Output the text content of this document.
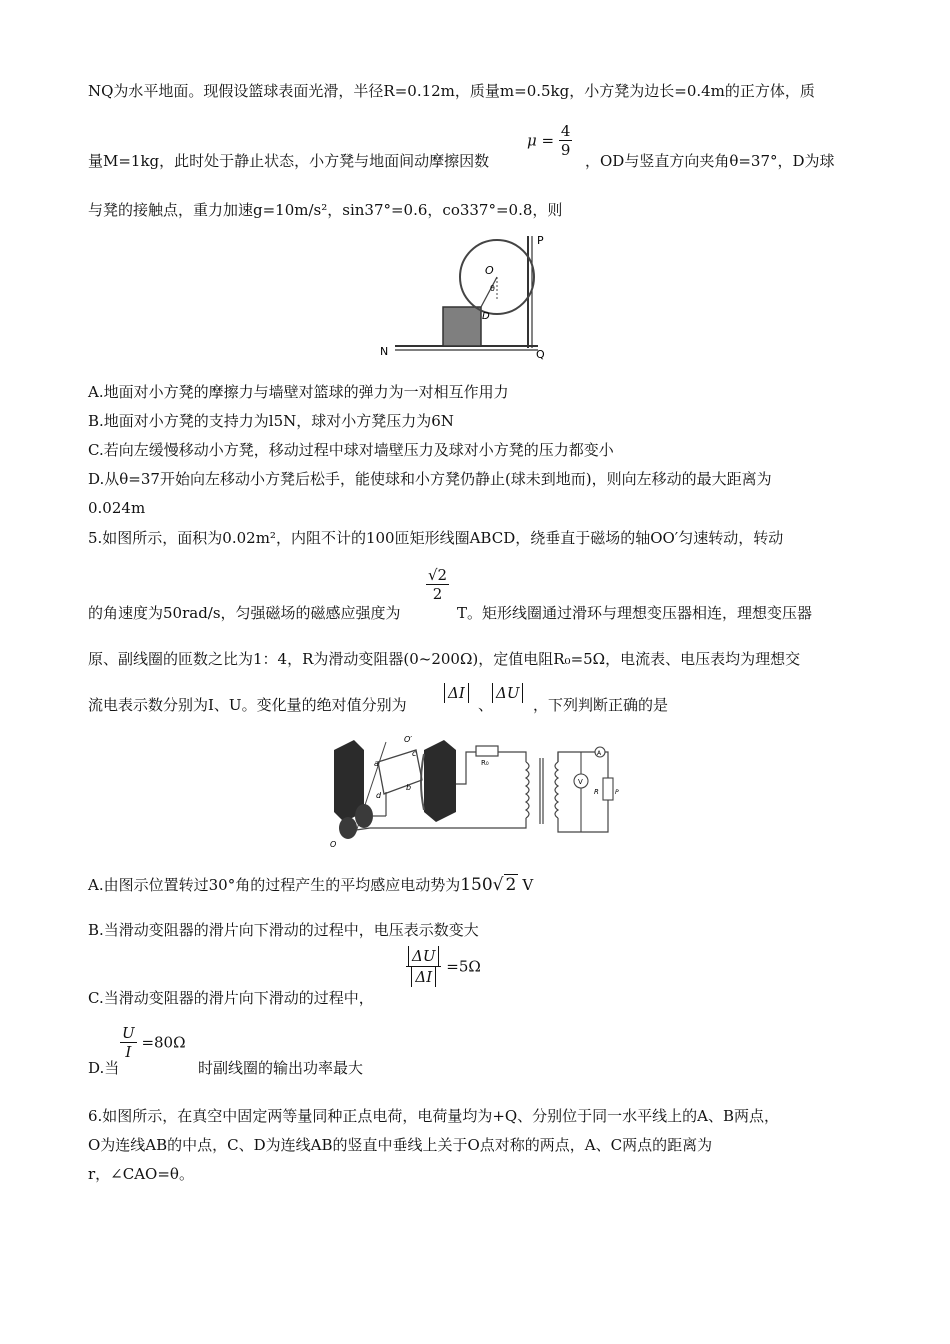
NQ为水平地面。现假设篮球表面光滑，半径R=0.12m，质量m=0.5kg，小方凳为边长=0.4m的正方体，质
量M=1kg，此时处于静止状态，小方凳与地面间动摩擦因数
$\mu = \frac{4}{9}$
，OD与竖直方向夹角θ=37°，D为球
与凳的接触点，重力加速g=10m/s²，sin37°=0.6，co337°=0.8，则
P
N	Q
O
D
θ
A.地面对小方凳的摩擦力与墙壁对篮球的弹力为一对相互作用力
B.地面对小方凳的支持力为l5N，球对小方凳压力为6N
C.若向左缓慢移动小方凳，移动过程中球对墙壁压力及球对小方凳的压力都变小
D.从θ=37开始向左移动小方凳后松手，能使球和小方凳仍静止(球未到地而)，则向左移动的最大距离为
0.024m
5.如图所示，面积为0.02m²，内阻不计的100匝矩形线圈ABCD，绕垂直于磁场的轴OO′匀速转动，转动
的角速度为50rad/s，匀强磁场的磁感应强度为
$\frac{√2}{2}$
T。矩形线圈通过滑环与理想变压器相连，理想变压器
原、副线圈的匝数之比为1：4，R为滑动变阻器(0~200Ω)，定值电阻R₀=5Ω，电流表、电压表均为理想交
流电表示数分别为I、U。变化量的绝对值分别为
ΔI
、
ΔU
，下列判断正确的是
O′
a
b
c
d
O
R₀
A
V
R	P
A.由图示位置转过30°角的过程产生的平均感应电动势为150√ 2 V
B.当滑动变阻器的滑片向下滑动的过程中，电压表示数变大
C.当滑动变阻器的滑片向下滑动的过程中，
$\frac{\Delta U}{\Delta I} =5\Omega$
D.当
$\frac{U}{I} =80\Omega$
时副线圈的输出功率最大
6.如图所示，在真空中固定两等量同种正点电荷，电荷量均为+Q、分别位于同一水平线上的A、B两点，
O为连线AB的中点，C、D为连线AB的竖直中垂线上关于O点对称的两点，A、C两点的距离为
r，∠CAO=θ。
